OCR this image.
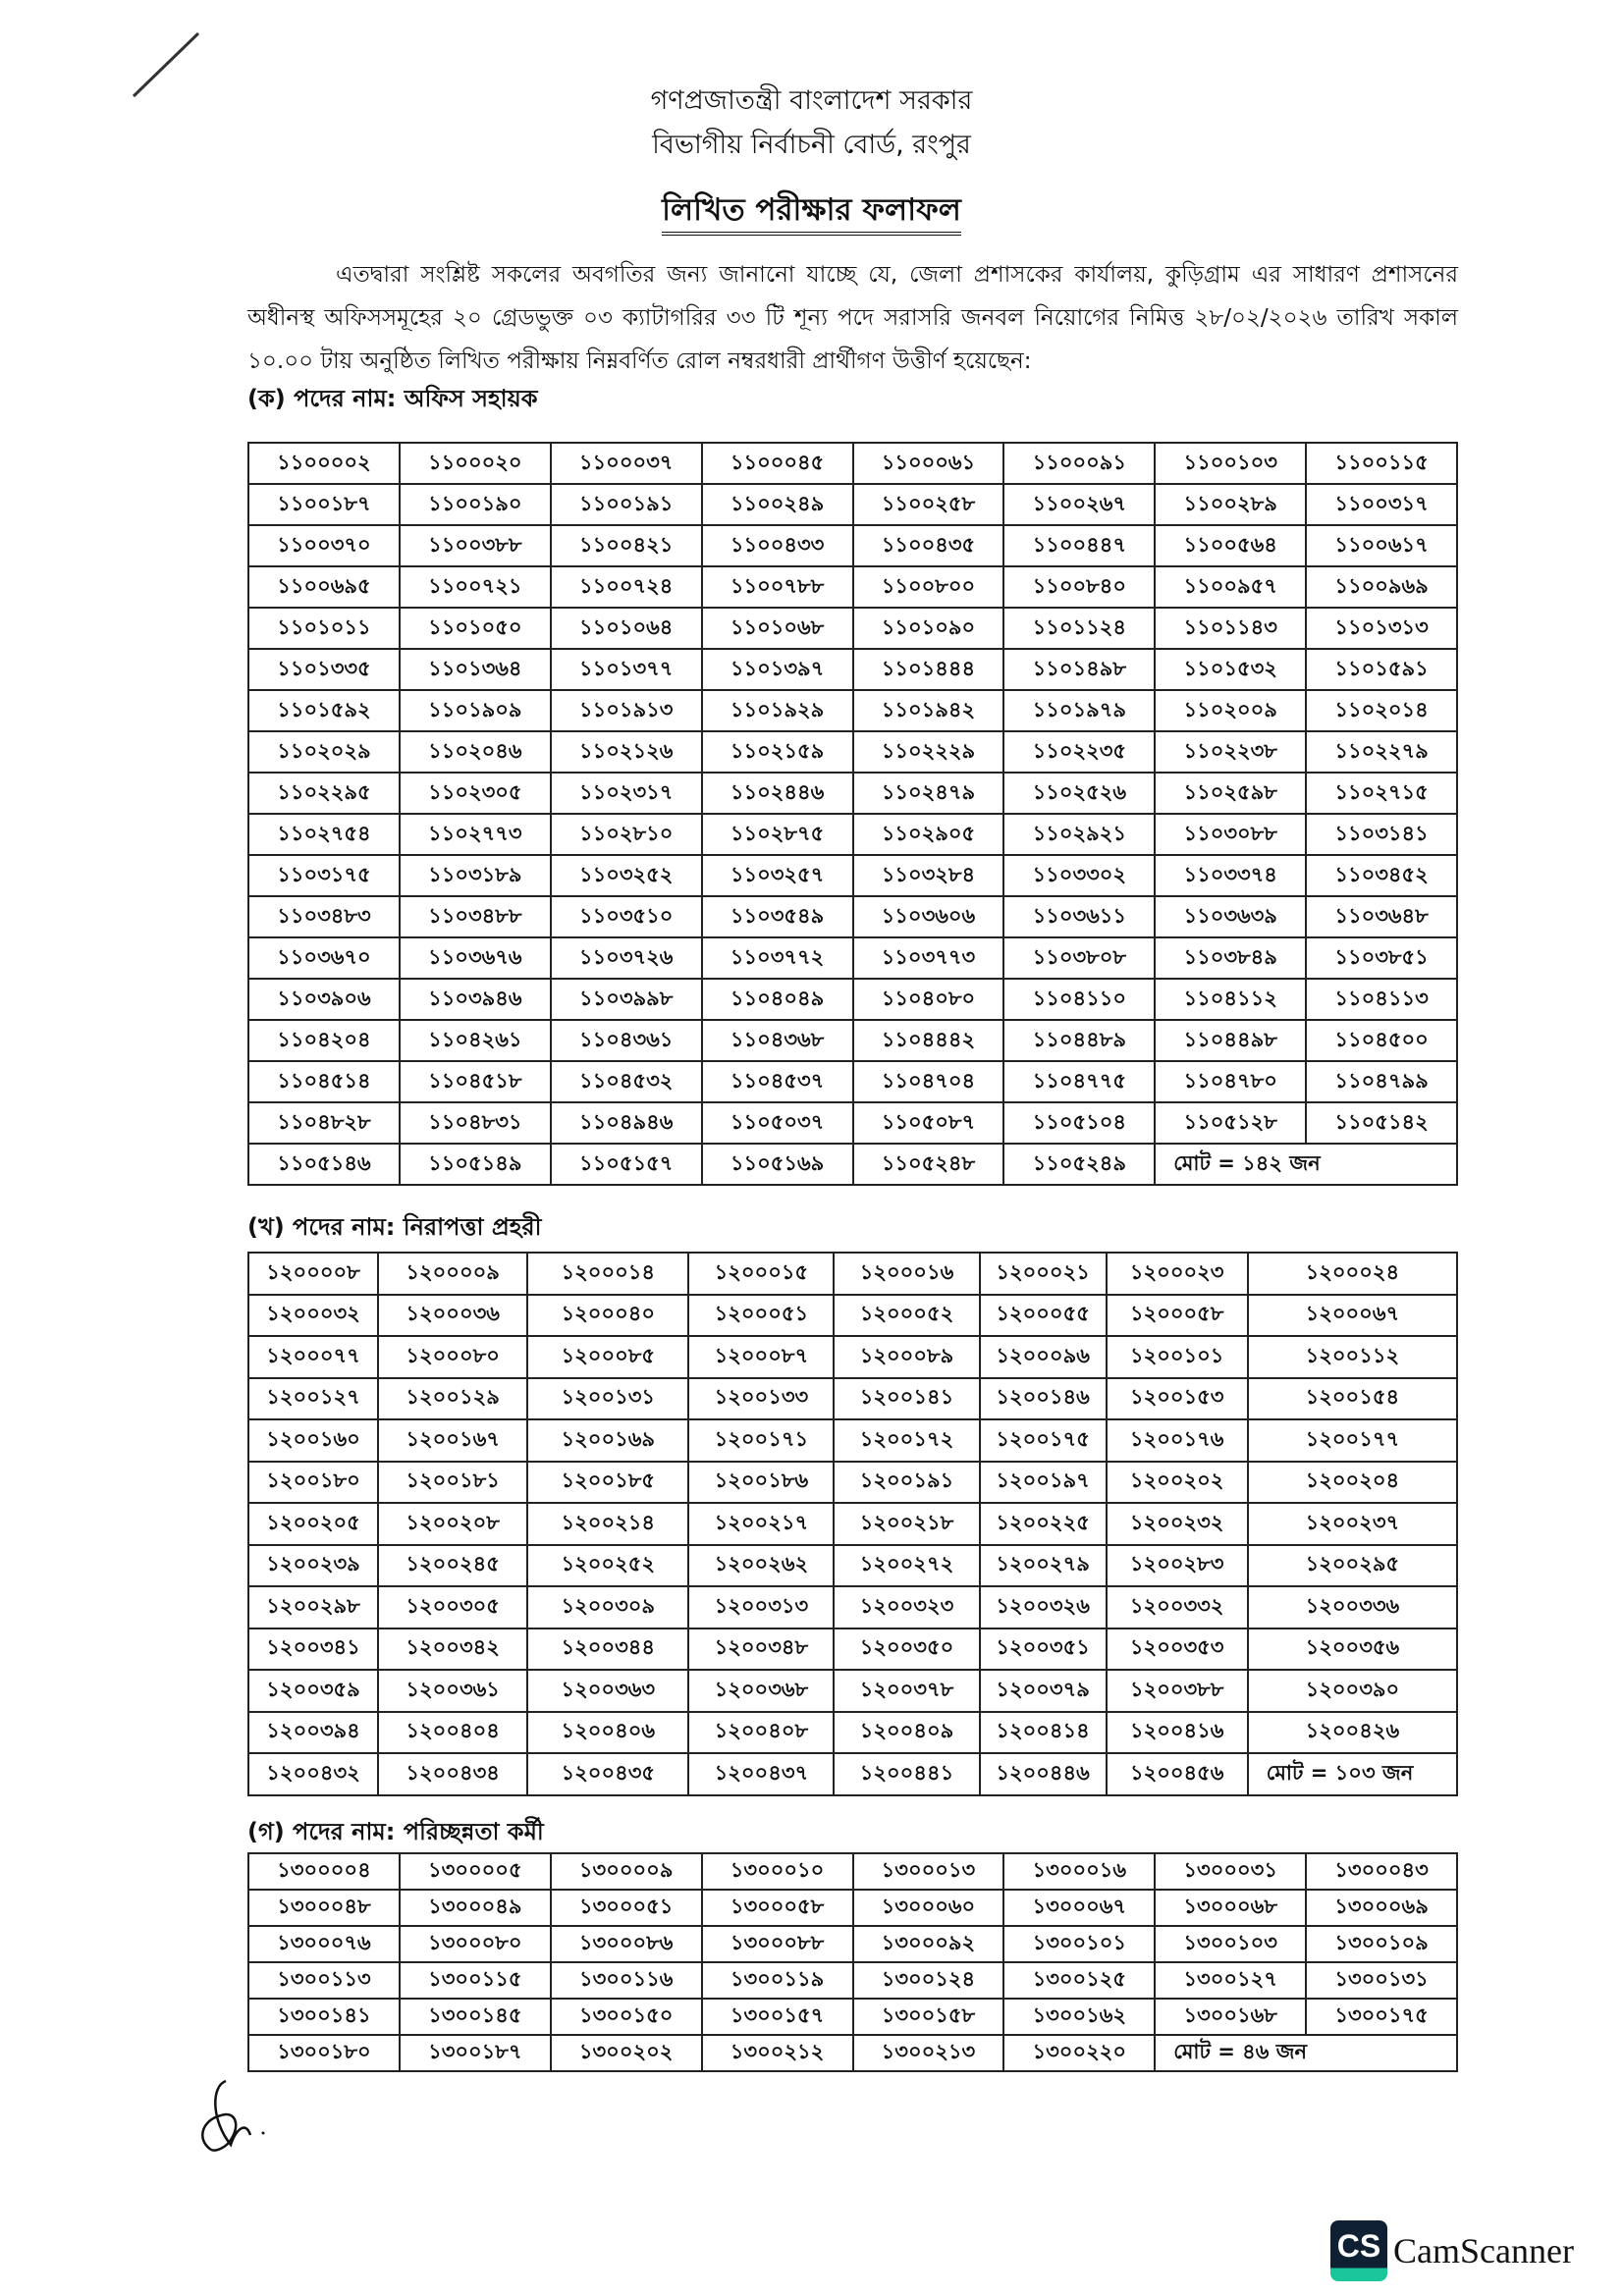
গণপ্রজাতন্ত্রী বাংলাদেশ সরকার
বিভাগীয় নির্বাচনী বোর্ড, রংপুর
লিখিত পরীক্ষার ফলাফল
এতদ্বারা সংশ্লিষ্ট সকলের অবগতির জন্য জানানো যাচ্ছে যে, জেলা প্রশাসকের কার্যালয়, কুড়িগ্রাম এর সাধারণ প্রশাসনের অধীনস্থ অফিসসমূহের ২০ গ্রেডভুক্ত ০৩ ক্যাটাগরির ৩৩ টি শূন্য পদে সরাসরি জনবল নিয়োগের নিমিত্ত ২৮/০২/২০২৬ তারিখ সকাল ১০.০০ টায় অনুষ্ঠিত লিখিত পরীক্ষায় নিম্নবর্ণিত রোল নম্বরধারী প্রার্থীগণ উত্তীর্ণ হয়েছেন:
(ক) পদের নাম: অফিস সহায়ক
১১০০০০২	১১০০০২০	১১০০০৩৭	১১০০০৪৫	১১০০০৬১	১১০০০৯১	১১০০১০৩	১১০০১১৫
১১০০১৮৭	১১০০১৯০	১১০০১৯১	১১০০২৪৯	১১০০২৫৮	১১০০২৬৭	১১০০২৮৯	১১০০৩১৭
১১০০৩৭০	১১০০৩৮৮	১১০০৪২১	১১০০৪৩৩	১১০০৪৩৫	১১০০৪৪৭	১১০০৫৬৪	১১০০৬১৭
১১০০৬৯৫	১১০০৭২১	১১০০৭২৪	১১০০৭৮৮	১১০০৮০০	১১০০৮৪০	১১০০৯৫৭	১১০০৯৬৯
১১০১০১১	১১০১০৫০	১১০১০৬৪	১১০১০৬৮	১১০১০৯০	১১০১১২৪	১১০১১৪৩	১১০১৩১৩
১১০১৩৩৫	১১০১৩৬৪	১১০১৩৭৭	১১০১৩৯৭	১১০১৪৪৪	১১০১৪৯৮	১১০১৫৩২	১১০১৫৯১
১১০১৫৯২	১১০১৯০৯	১১০১৯১৩	১১০১৯২৯	১১০১৯৪২	১১০১৯৭৯	১১০২০০৯	১১০২০১৪
১১০২০২৯	১১০২০৪৬	১১০২১২৬	১১০২১৫৯	১১০২২২৯	১১০২২৩৫	১১০২২৩৮	১১০২২৭৯
১১০২২৯৫	১১০২৩০৫	১১০২৩১৭	১১০২৪৪৬	১১০২৪৭৯	১১০২৫২৬	১১০২৫৯৮	১১০২৭১৫
১১০২৭৫৪	১১০২৭৭৩	১১০২৮১০	১১০২৮৭৫	১১০২৯০৫	১১০২৯২১	১১০৩০৮৮	১১০৩১৪১
১১০৩১৭৫	১১০৩১৮৯	১১০৩২৫২	১১০৩২৫৭	১১০৩২৮৪	১১০৩৩০২	১১০৩৩৭৪	১১০৩৪৫২
১১০৩৪৮৩	১১০৩৪৮৮	১১০৩৫১০	১১০৩৫৪৯	১১০৩৬০৬	১১০৩৬১১	১১০৩৬৩৯	১১০৩৬৪৮
১১০৩৬৭০	১১০৩৬৭৬	১১০৩৭২৬	১১০৩৭৭২	১১০৩৭৭৩	১১০৩৮০৮	১১০৩৮৪৯	১১০৩৮৫১
১১০৩৯০৬	১১০৩৯৪৬	১১০৩৯৯৮	১১০৪০৪৯	১১০৪০৮০	১১০৪১১০	১১০৪১১২	১১০৪১১৩
১১০৪২০৪	১১০৪২৬১	১১০৪৩৬১	১১০৪৩৬৮	১১০৪৪৪২	১১০৪৪৮৯	১১০৪৪৯৮	১১০৪৫০০
১১০৪৫১৪	১১০৪৫১৮	১১০৪৫৩২	১১০৪৫৩৭	১১০৪৭০৪	১১০৪৭৭৫	১১০৪৭৮০	১১০৪৭৯৯
১১০৪৮২৮	১১০৪৮৩১	১১০৪৯৪৬	১১০৫০৩৭	১১০৫০৮৭	১১০৫১০৪	১১০৫১২৮	১১০৫১৪২
১১০৫১৪৬	১১০৫১৪৯	১১০৫১৫৭	১১০৫১৬৯	১১০৫২৪৮	১১০৫২৪৯	মোট = ১৪২ জন	
(খ) পদের নাম: নিরাপত্তা প্রহরী
১২০০০০৮	১২০০০০৯	১২০০০১৪	১২০০০১৫	১২০০০১৬	১২০০০২১	১২০০০২৩	১২০০০২৪
১২০০০৩২	১২০০০৩৬	১২০০০৪০	১২০০০৫১	১২০০০৫২	১২০০০৫৫	১২০০০৫৮	১২০০০৬৭
১২০০০৭৭	১২০০০৮০	১২০০০৮৫	১২০০০৮৭	১২০০০৮৯	১২০০০৯৬	১২০০১০১	১২০০১১২
১২০০১২৭	১২০০১২৯	১২০০১৩১	১২০০১৩৩	১২০০১৪১	১২০০১৪৬	১২০০১৫৩	১২০০১৫৪
১২০০১৬০	১২০০১৬৭	১২০০১৬৯	১২০০১৭১	১২০০১৭২	১২০০১৭৫	১২০০১৭৬	১২০০১৭৭
১২০০১৮০	১২০০১৮১	১২০০১৮৫	১২০০১৮৬	১২০০১৯১	১২০০১৯৭	১২০০২০২	১২০০২০৪
১২০০২০৫	১২০০২০৮	১২০০২১৪	১২০০২১৭	১২০০২১৮	১২০০২২৫	১২০০২৩২	১২০০২৩৭
১২০০২৩৯	১২০০২৪৫	১২০০২৫২	১২০০২৬২	১২০০২৭২	১২০০২৭৯	১২০০২৮৩	১২০০২৯৫
১২০০২৯৮	১২০০৩০৫	১২০০৩০৯	১২০০৩১৩	১২০০৩২৩	১২০০৩২৬	১২০০৩৩২	১২০০৩৩৬
১২০০৩৪১	১২০০৩৪২	১২০০৩৪৪	১২০০৩৪৮	১২০০৩৫০	১২০০৩৫১	১২০০৩৫৩	১২০০৩৫৬
১২০০৩৫৯	১২০০৩৬১	১২০০৩৬৩	১২০০৩৬৮	১২০০৩৭৮	১২০০৩৭৯	১২০০৩৮৮	১২০০৩৯০
১২০০৩৯৪	১২০০৪০৪	১২০০৪০৬	১২০০৪০৮	১২০০৪০৯	১২০০৪১৪	১২০০৪১৬	১২০০৪২৬
১২০০৪৩২	১২০০৪৩৪	১২০০৪৩৫	১২০০৪৩৭	১২০০৪৪১	১২০০৪৪৬	১২০০৪৫৬	মোট = ১০৩ জন
(গ) পদের নাম: পরিচ্ছন্নতা কর্মী
১৩০০০০৪	১৩০০০০৫	১৩০০০০৯	১৩০০০১০	১৩০০০১৩	১৩০০০১৬	১৩০০০৩১	১৩০০০৪৩
১৩০০০৪৮	১৩০০০৪৯	১৩০০০৫১	১৩০০০৫৮	১৩০০০৬০	১৩০০০৬৭	১৩০০০৬৮	১৩০০০৬৯
১৩০০০৭৬	১৩০০০৮০	১৩০০০৮৬	১৩০০০৮৮	১৩০০০৯২	১৩০০১০১	১৩০০১০৩	১৩০০১০৯
১৩০০১১৩	১৩০০১১৫	১৩০০১১৬	১৩০০১১৯	১৩০০১২৪	১৩০০১২৫	১৩০০১২৭	১৩০০১৩১
১৩০০১৪১	১৩০০১৪৫	১৩০০১৫০	১৩০০১৫৭	১৩০০১৫৮	১৩০০১৬২	১৩০০১৬৮	১৩০০১৭৫
১৩০০১৮০	১৩০০১৮৭	১৩০০২০২	১৩০০২১২	১৩০০২১৩	১৩০০২২০	মোট = ৪৬ জন	
CS CamScanner
